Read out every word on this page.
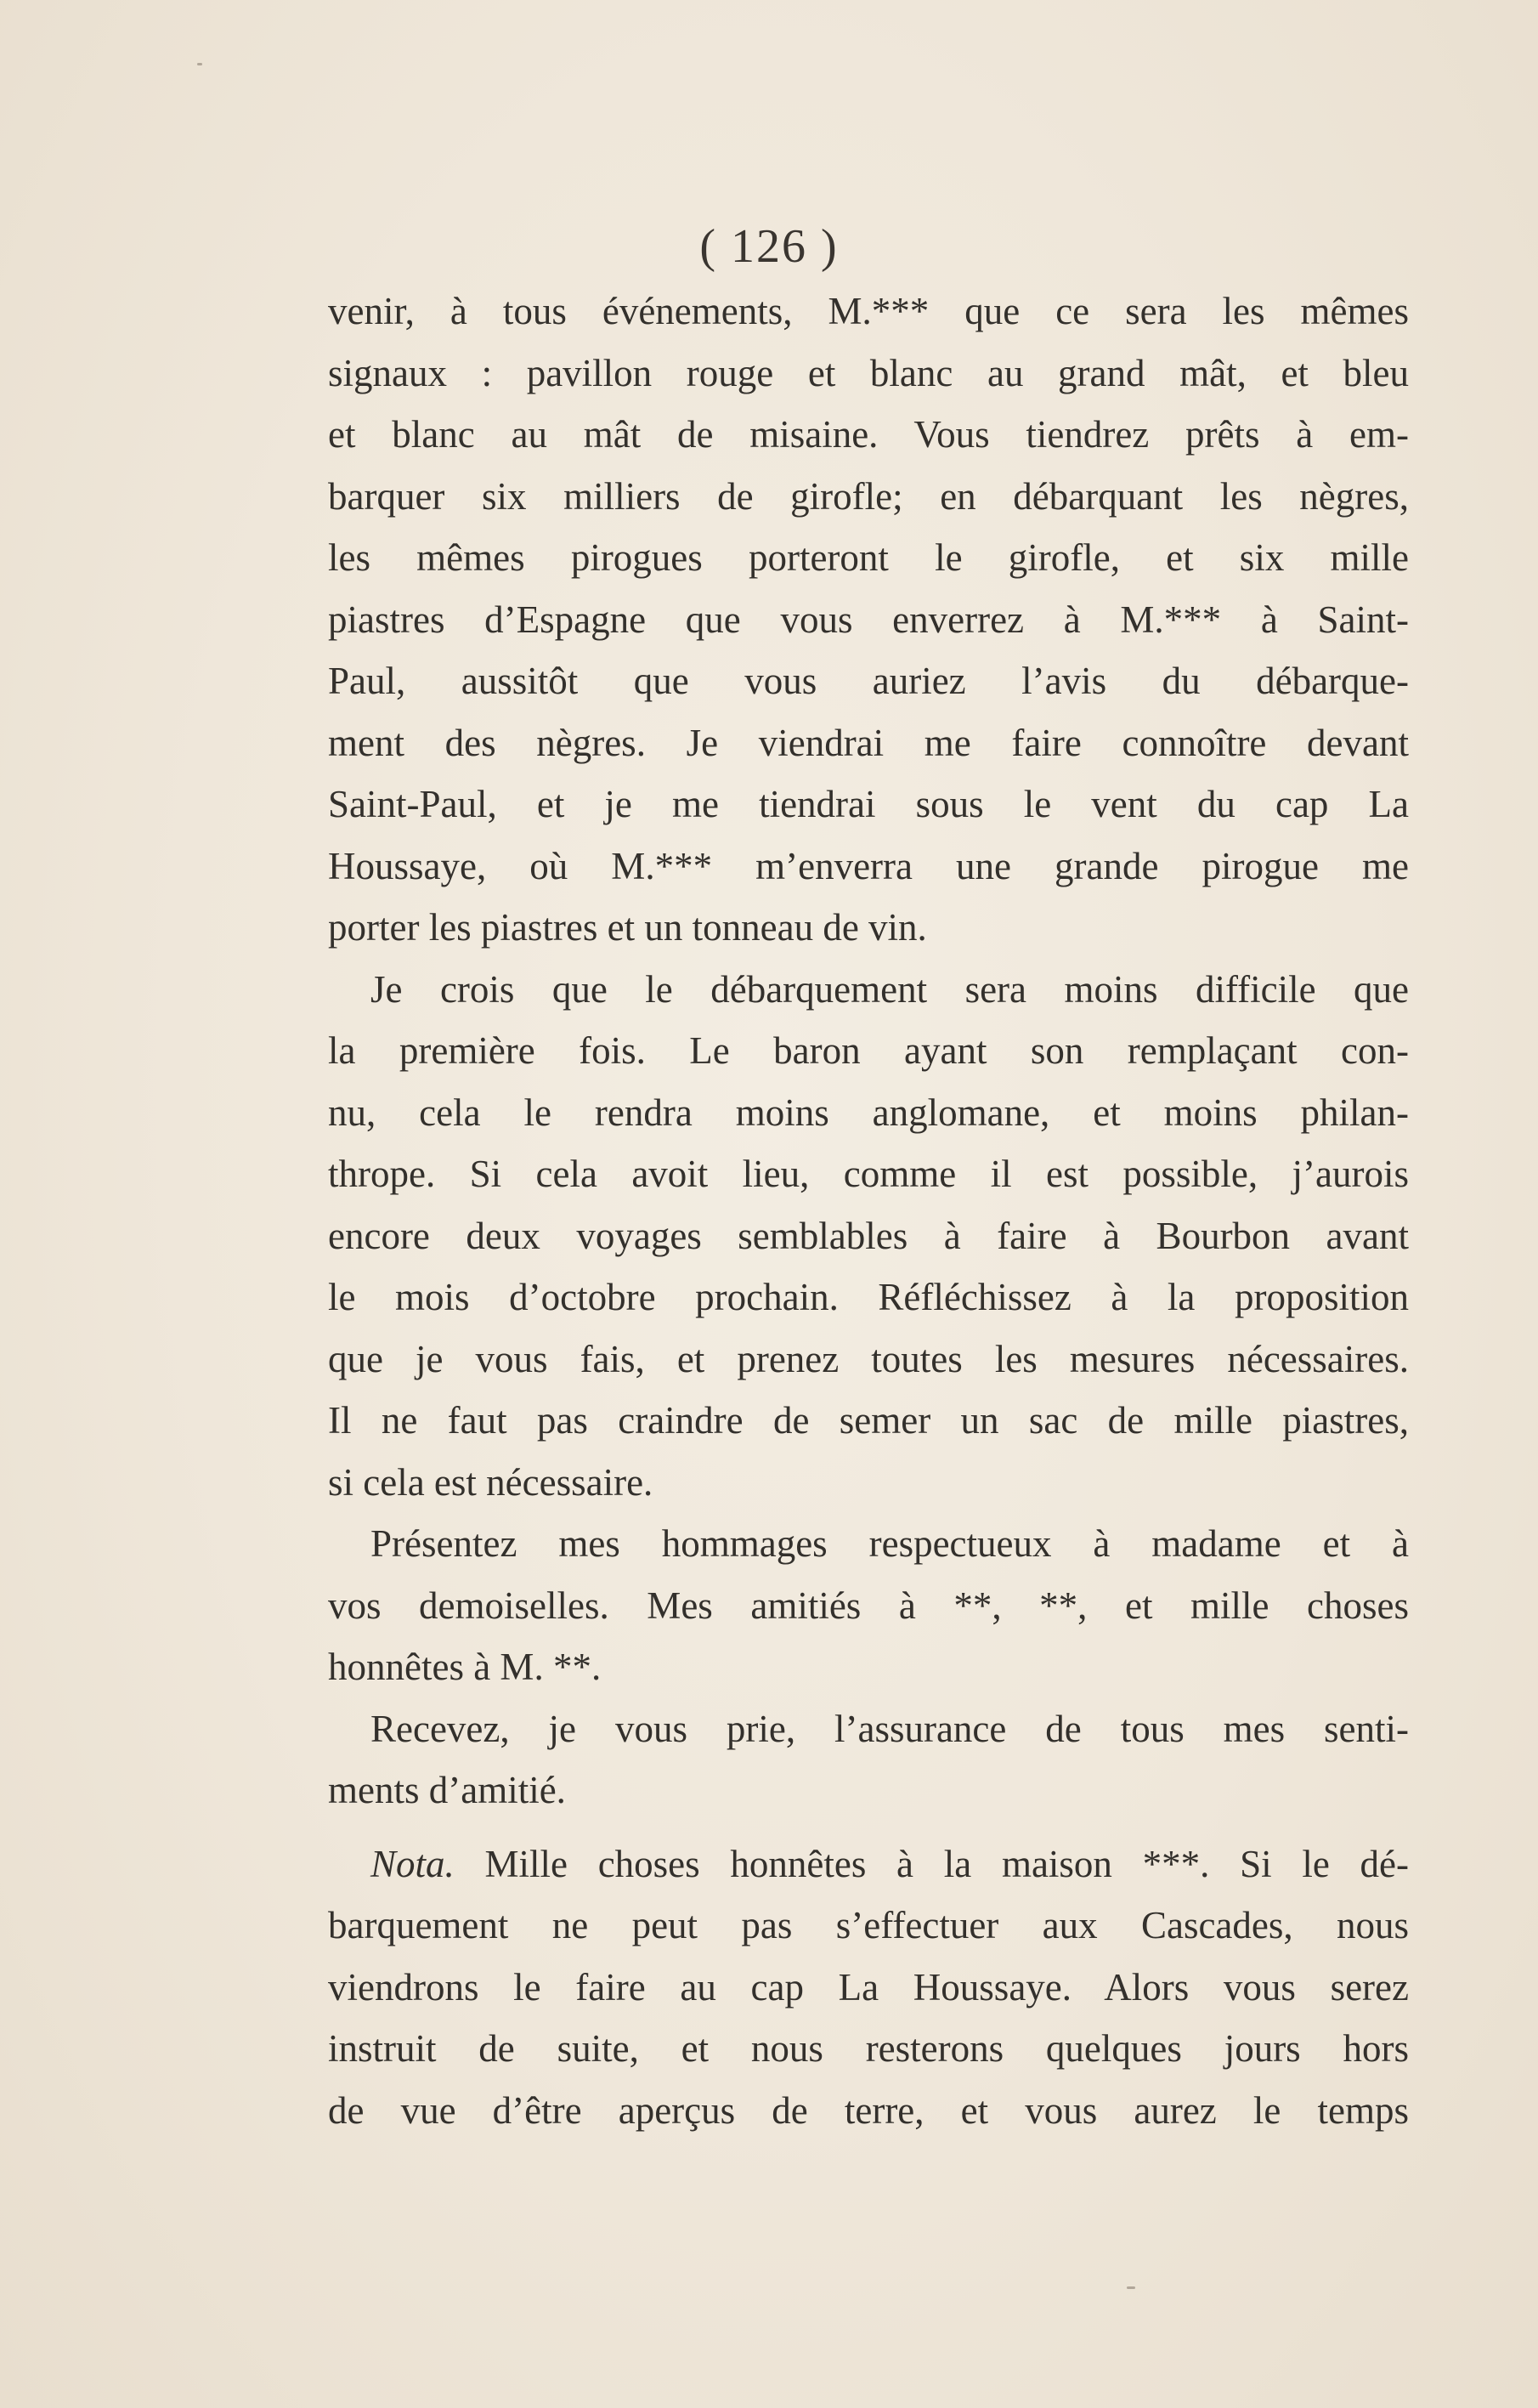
( 126 )
venir, à tous événements, M.*** que ce sera les mêmes
signaux : pavillon rouge et blanc au grand mât, et bleu
et blanc au mât de misaine. Vous tiendrez prêts à em-
barquer six milliers de girofle; en débarquant les nègres,
les mêmes pirogues porteront le girofle, et six mille
piastres d’Espagne que vous enverrez à M.*** à Saint-
Paul, aussitôt que vous auriez l’avis du débarque-
ment des nègres. Je viendrai me faire connoître devant
Saint-Paul, et je me tiendrai sous le vent du cap La
Houssaye, où M.*** m’enverra une grande pirogue me
porter les piastres et un tonneau de vin.
Je crois que le débarquement sera moins difficile que
la première fois. Le baron ayant son remplaçant con-
nu, cela le rendra moins anglomane, et moins philan-
thrope. Si cela avoit lieu, comme il est possible, j’aurois
encore deux voyages semblables à faire à Bourbon avant
le mois d’octobre prochain. Réfléchissez à la proposition
que je vous fais, et prenez toutes les mesures nécessaires.
Il ne faut pas craindre de semer un sac de mille piastres,
si cela est nécessaire.
Présentez mes hommages respectueux à madame et à
vos demoiselles. Mes amitiés à **, **, et mille choses
honnêtes à M. **.
Recevez, je vous prie, l’assurance de tous mes senti-
ments d’amitié.
Nota. Mille choses honnêtes à la maison ***. Si le dé-
barquement ne peut pas s’effectuer aux Cascades, nous
viendrons le faire au cap La Houssaye. Alors vous serez
instruit de suite, et nous resterons quelques jours hors
de vue d’être aperçus de terre, et vous aurez le temps
